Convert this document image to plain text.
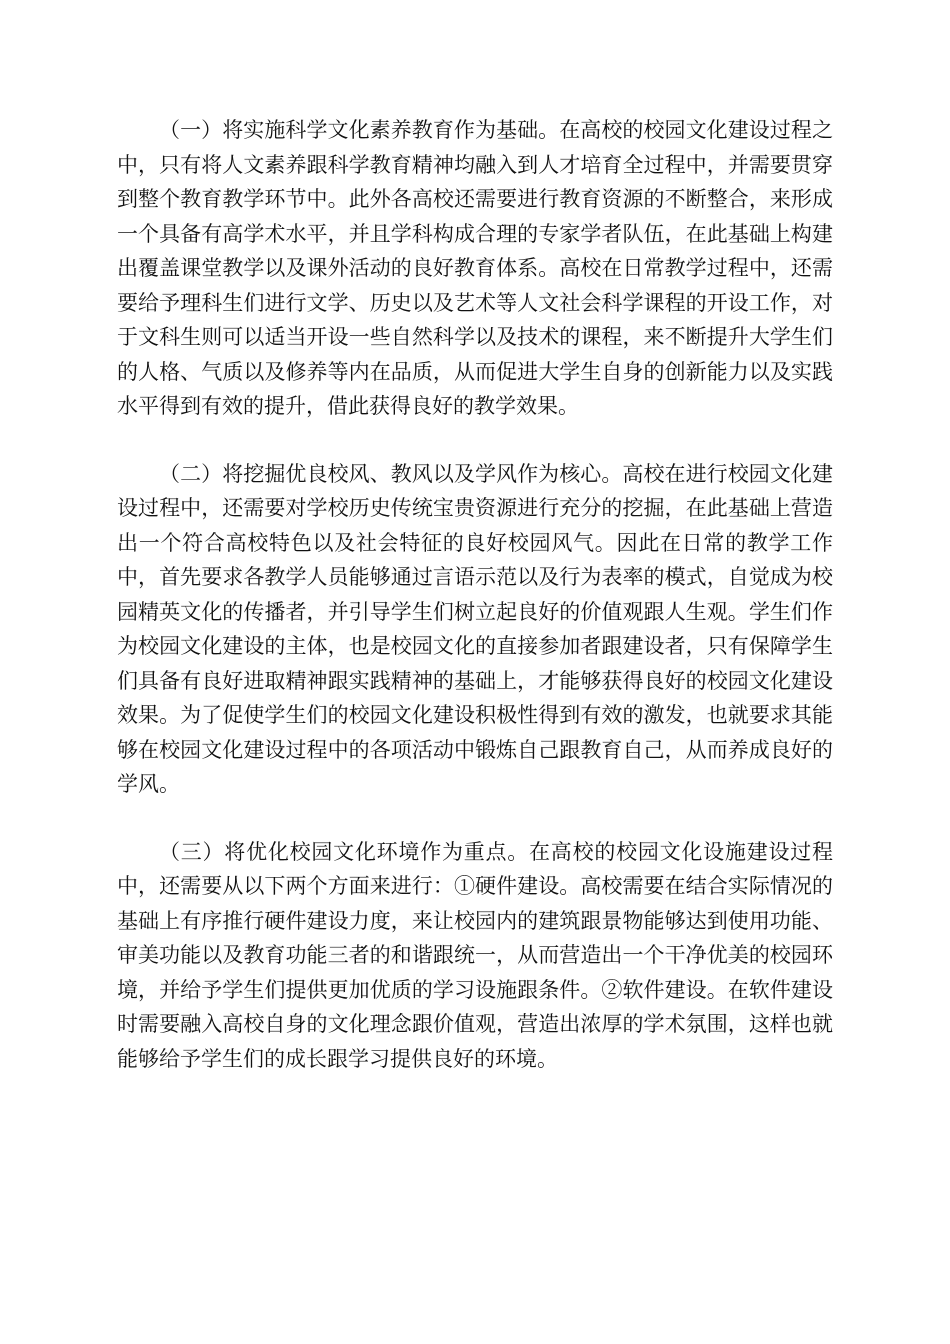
（一）将实施科学文化素养教育作为基础。在高校的校园文化建设过程之中，只有将人文素养跟科学教育精神均融入到人才培育全过程中，并需要贯穿到整个教育教学环节中。此外各高校还需要进行教育资源的不断整合，来形成一个具备有高学术水平，并且学科构成合理的专家学者队伍，在此基础上构建出覆盖课堂教学以及课外活动的良好教育体系。高校在日常教学过程中，还需要给予理科生们进行文学、历史以及艺术等人文社会科学课程的开设工作，对于文科生则可以适当开设一些自然科学以及技术的课程，来不断提升大学生们的人格、气质以及修养等内在品质，从而促进大学生自身的创新能力以及实践水平得到有效的提升，借此获得良好的教学效果。

（二）将挖掘优良校风、教风以及学风作为核心。高校在进行校园文化建设过程中，还需要对学校历史传统宝贵资源进行充分的挖掘，在此基础上营造出一个符合高校特色以及社会特征的良好校园风气。因此在日常的教学工作中，首先要求各教学人员能够通过言语示范以及行为表率的模式，自觉成为校园精英文化的传播者，并引导学生们树立起良好的价值观跟人生观。学生们作为校园文化建设的主体，也是校园文化的直接参加者跟建设者，只有保障学生们具备有良好进取精神跟实践精神的基础上，才能够获得良好的校园文化建设效果。为了促使学生们的校园文化建设积极性得到有效的激发，也就要求其能够在校园文化建设过程中的各项活动中锻炼自己跟教育自己，从而养成良好的学风。

（三）将优化校园文化环境作为重点。在高校的校园文化设施建设过程中，还需要从以下两个方面来进行：①硬件建设。高校需要在结合实际情况的基础上有序推行硬件建设力度，来让校园内的建筑跟景物能够达到使用功能、审美功能以及教育功能三者的和谐跟统一，从而营造出一个干净优美的校园环境，并给予学生们提供更加优质的学习设施跟条件。②软件建设。在软件建设时需要融入高校自身的文化理念跟价值观，营造出浓厚的学术氛围，这样也就能够给予学生们的成长跟学习提供良好的环境。
